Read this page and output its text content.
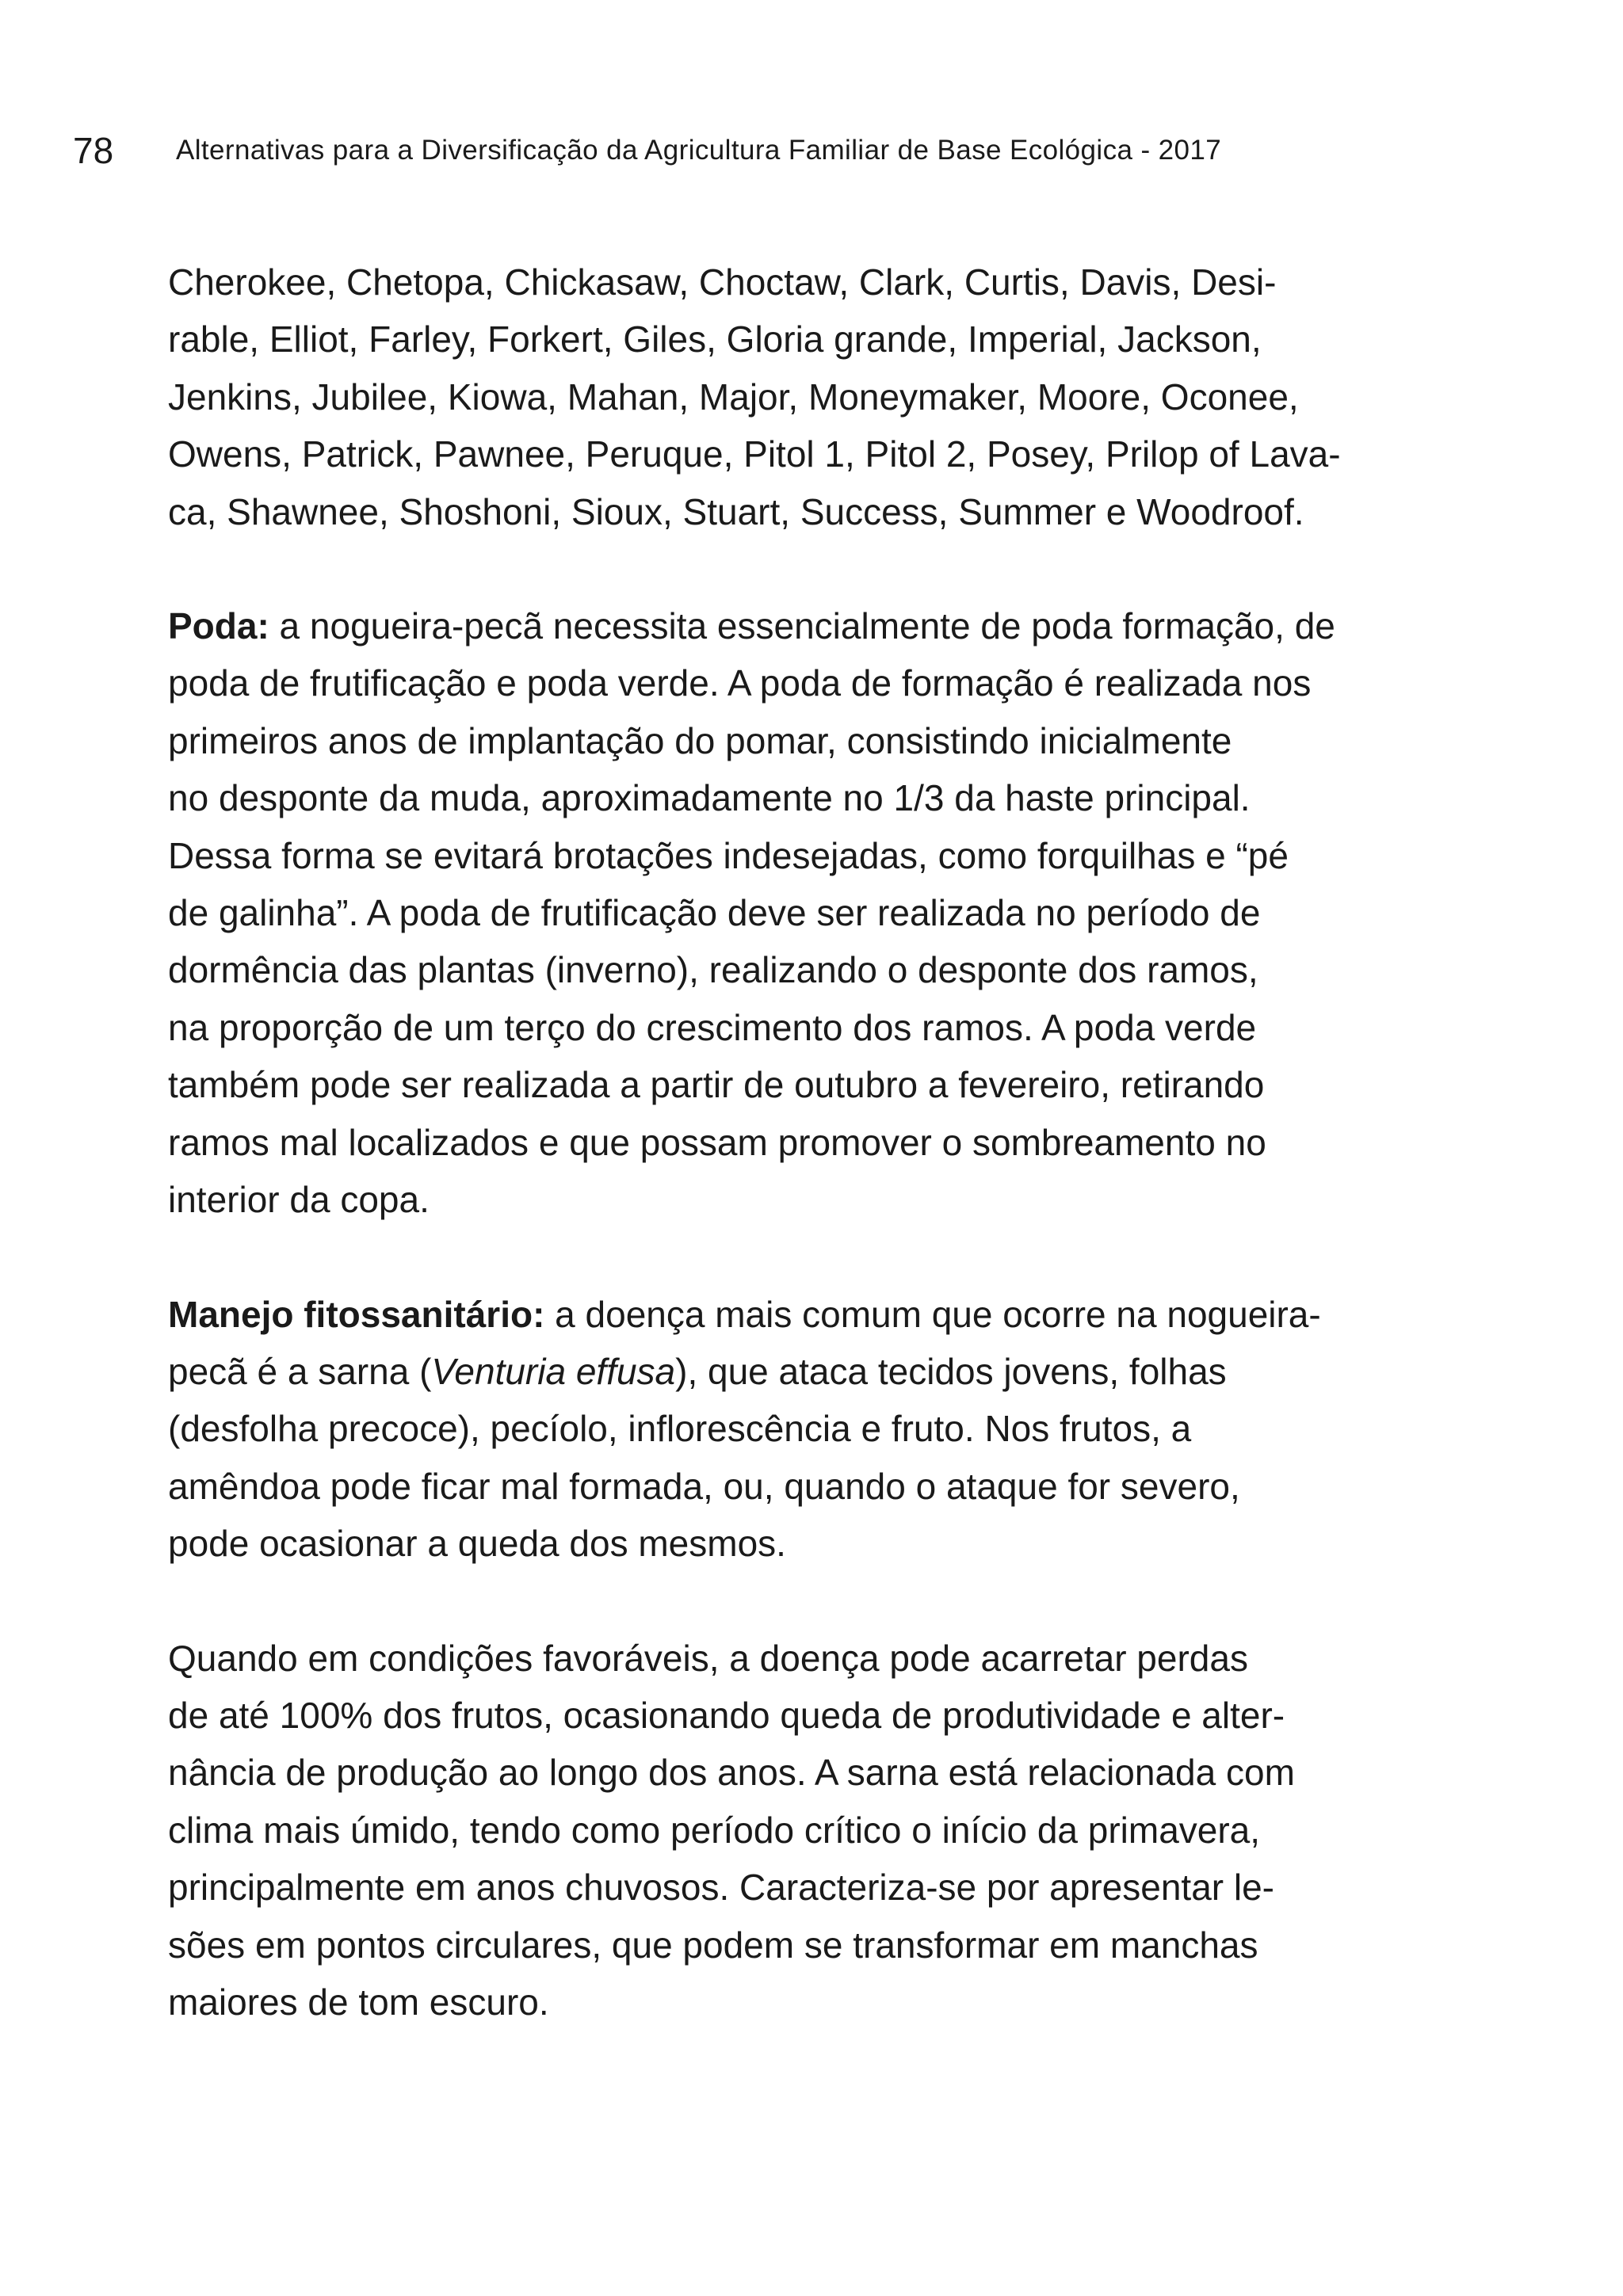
78	Alternativas para a Diversificação da Agricultura Familiar de Base Ecológica - 2017

Cherokee, Chetopa, Chickasaw, Choctaw, Clark, Curtis, Davis, Desi-
rable, Elliot, Farley, Forkert, Giles, Gloria grande, Imperial, Jackson,
Jenkins, Jubilee, Kiowa, Mahan, Major, Moneymaker, Moore, Oconee,
Owens, Patrick, Pawnee, Peruque, Pitol 1, Pitol 2, Posey, Prilop of Lava-
ca, Shawnee, Shoshoni, Sioux, Stuart, Success, Summer e Woodroof.

Poda: a nogueira-pecã necessita essencialmente de poda formação, de
poda de frutificação e poda verde. A poda de formação é realizada nos
primeiros anos de implantação do pomar, consistindo inicialmente
no desponte da muda, aproximadamente no 1/3 da haste principal.
Dessa forma se evitará brotações indesejadas, como forquilhas e “pé
de galinha”. A poda de frutificação deve ser realizada no período de
dormência das plantas (inverno), realizando o desponte dos ramos,
na proporção de um terço do crescimento dos ramos. A poda verde
também pode ser realizada a partir de outubro a fevereiro, retirando
ramos mal localizados e que possam promover o sombreamento no
interior da copa.

Manejo fitossanitário: a doença mais comum que ocorre na nogueira-
pecã é a sarna (Venturia effusa), que ataca tecidos jovens, folhas
(desfolha precoce), pecíolo, inflorescência e fruto. Nos frutos, a
amêndoa pode ficar mal formada, ou, quando o ataque for severo,
pode ocasionar a queda dos mesmos.

Quando em condições favoráveis, a doença pode acarretar perdas
de até 100% dos frutos, ocasionando queda de produtividade e alter-
nância de produção ao longo dos anos. A sarna está relacionada com
clima mais úmido, tendo como período crítico o início da primavera,
principalmente em anos chuvosos. Caracteriza-se por apresentar le-
sões em pontos circulares, que podem se transformar em manchas
maiores de tom escuro.
